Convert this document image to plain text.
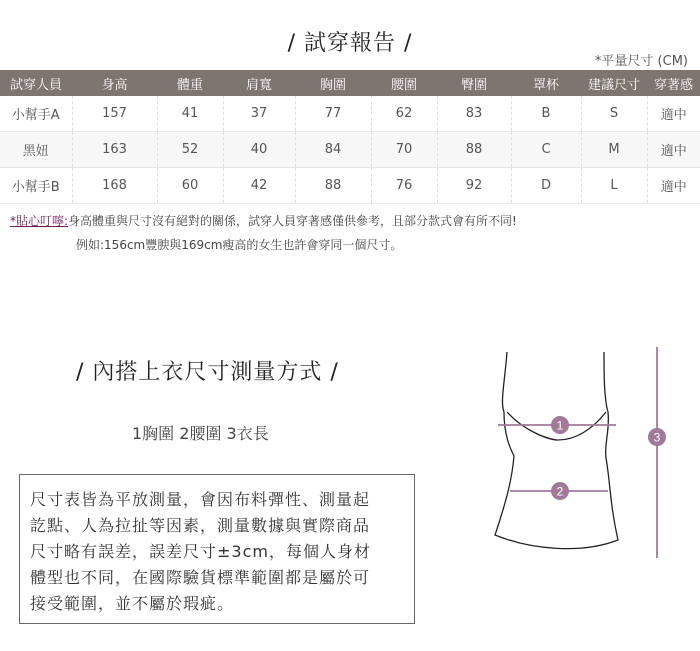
/ 試穿報告 /
*平量尺寸 (CM)
試穿人員	身高	體重	肩寬	胸圍	腰圍	臀圍	罩杯	建議尺寸	穿著感
小幫手A	157	41	37	77	62	83	B	S	適中
黑妞	163	52	40	84	70	88	C	M	適中
小幫手B	168	60	42	88	76	92	D	L	適中
*貼心叮嚀:身高體重與尺寸沒有絕對的關係，試穿人員穿著感僅供參考，且部分款式會有所不同!
例如:156cm豐腴與169cm瘦高的女生也許會穿同一個尺寸。
/ 內搭上衣尺寸測量方式 /
1胸圍 2腰圍 3衣長
尺寸表皆為平放測量，會因布料彈性、測量起
訖點、人為拉扯等因素，測量數據與實際商品
尺寸略有誤差，誤差尺寸±3cm，每個人身材
體型也不同，在國際驗貨標準範圍都是屬於可
接受範圍，並不屬於瑕疵。
1
2
3
